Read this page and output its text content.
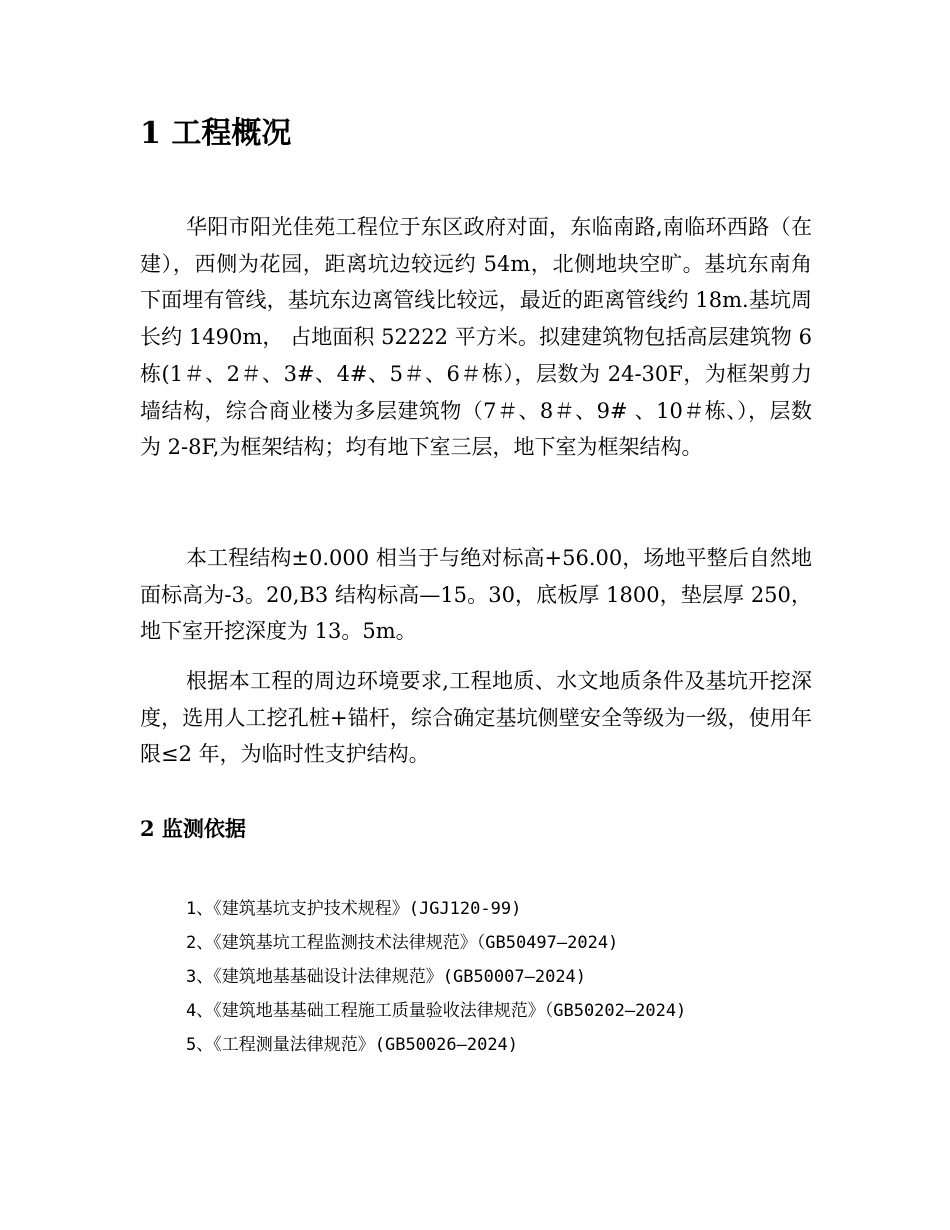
1 工程概况

华阳市阳光佳苑工程位于东区政府对面，东临南路,南临环西路（在建），西侧为花园，距离坑边较远约 54m，北侧地块空旷。基坑东南角下面埋有管线，基坑东边离管线比较远，最近的距离管线约 18m.基坑周长约 1490m， 占地面积 52222 平方米。拟建建筑物包括高层建筑物 6 栋(1＃、2＃、3#、4#、5＃、6＃栋），层数为 24-30F，为框架剪力墙结构，综合商业楼为多层建筑物（7＃、8＃、9# 、10＃栋、），层数为 2-8F,为框架结构；均有地下室三层，地下室为框架结构。

本工程结构±0.000 相当于与绝对标高+56.00，场地平整后自然地面标高为-3。20,B3 结构标高—15。30，底板厚 1800，垫层厚 250，地下室开挖深度为 13。5m。

根据本工程的周边环境要求,工程地质、水文地质条件及基坑开挖深度，选用人工挖孔桩+锚杆，综合确定基坑侧壁安全等级为一级，使用年限≤2 年，为临时性支护结构。

2 监测依据

1、《建筑基坑支护技术规程》(JGJ120-99)

2、《建筑基坑工程监测技术法律规范》（GB50497—2024)

3、《建筑地基基础设计法律规范》(GB50007—2024)

4、《建筑地基基础工程施工质量验收法律规范》（GB50202—2024)

5、《工程测量法律规范》(GB50026—2024)
